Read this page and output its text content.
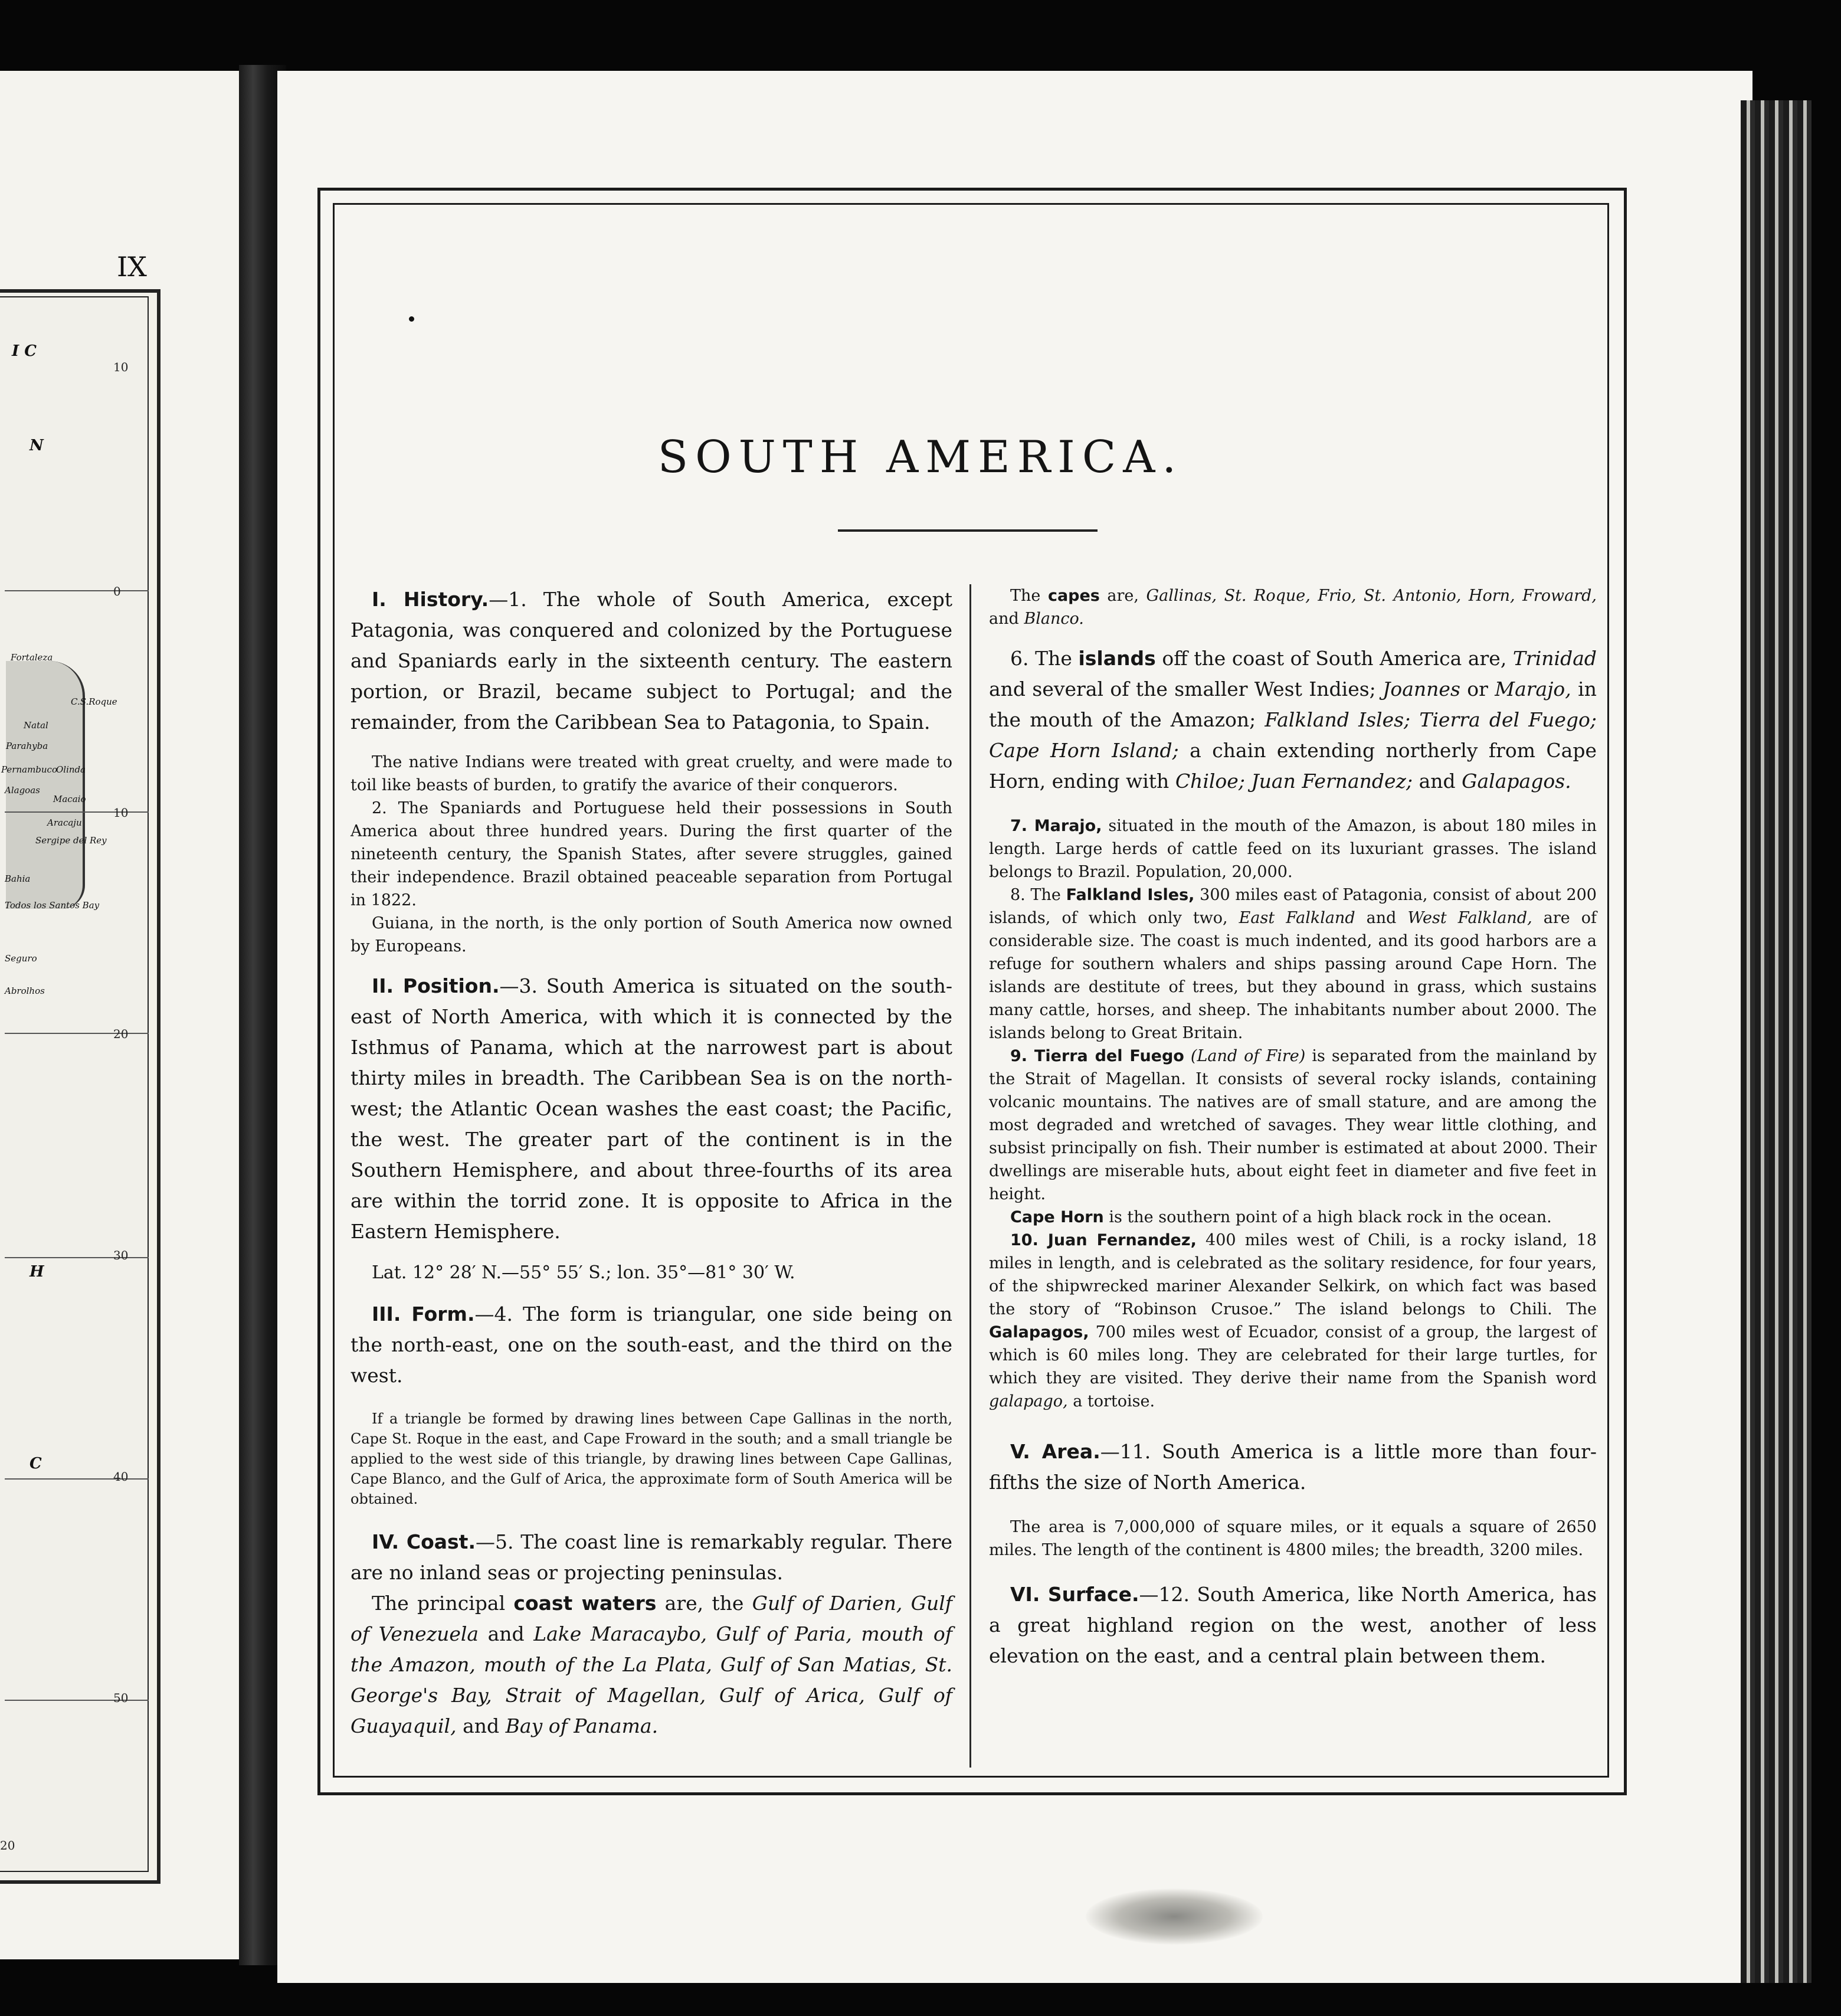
IX
I C
N
H
C
10
0
10
20
30
40
50
20
Fortaleza
C.S.Roque
Natal
Parahyba
Pernambuco
Olinda
Alagoas
Macaio
Aracaju
Sergipe del Rey
Bahia
Todos los Santos Bay
Seguro
Abrolhos
SOUTH AMERICA.

I. History.—1. The whole of South America, except Patagonia, was conquered and colonized by the Portuguese and Spaniards early in the sixteenth century. The eastern portion, or Brazil, became subject to Portugal; and the remainder, from the Caribbean Sea to Patagonia, to Spain.

The native Indians were treated with great cruelty, and were made to toil like beasts of burden, to gratify the avarice of their conquerors.

2. The Spaniards and Portuguese held their possessions in South America about three hundred years. During the first quarter of the nineteenth century, the Spanish States, after severe struggles, gained their independence. Brazil obtained peaceable separation from Portugal in 1822.

Guiana, in the north, is the only portion of South America now owned by Europeans.

II. Position.—3. South America is situated on the south-east of North America, with which it is connected by the Isthmus of Panama, which at the narrowest part is about thirty miles in breadth. The Caribbean Sea is on the north-west; the Atlantic Ocean washes the east coast; the Pacific, the west. The greater part of the continent is in the Southern Hemisphere, and about three-fourths of its area are within the torrid zone. It is opposite to Africa in the Eastern Hemisphere.

Lat. 12° 28′ N.—55° 55′ S.; lon. 35°—81° 30′ W.

III. Form.—4. The form is triangular, one side being on the north-east, one on the south-east, and the third on the west.

If a triangle be formed by drawing lines between Cape Gallinas in the north, Cape St. Roque in the east, and Cape Froward in the south; and a small triangle be applied to the west side of this triangle, by drawing lines between Cape Gallinas, Cape Blanco, and the Gulf of Arica, the approximate form of South America will be obtained.

IV. Coast.—5. The coast line is remarkably regular. There are no inland seas or projecting peninsulas.

The principal coast waters are, the Gulf of Darien, Gulf of Venezuela and Lake Maracaybo, Gulf of Paria, mouth of the Amazon, mouth of the La Plata, Gulf of San Matias, St. George's Bay, Strait of Magellan, Gulf of Arica, Gulf of Guayaquil, and Bay of Panama.

The capes are, Gallinas, St. Roque, Frio, St. Antonio, Horn, Froward, and Blanco.

6. The islands off the coast of South America are, Trinidad and several of the smaller West Indies; Joannes or Marajo, in the mouth of the Amazon; Falkland Isles; Tierra del Fuego; Cape Horn Island; a chain extending northerly from Cape Horn, ending with Chiloe; Juan Fernandez; and Galapagos.

7. Marajo, situated in the mouth of the Amazon, is about 180 miles in length. Large herds of cattle feed on its luxuriant grasses. The island belongs to Brazil. Population, 20,000.

8. The Falkland Isles, 300 miles east of Patagonia, consist of about 200 islands, of which only two, East Falkland and West Falkland, are of considerable size. The coast is much indented, and its good harbors are a refuge for southern whalers and ships passing around Cape Horn. The islands are destitute of trees, but they abound in grass, which sustains many cattle, horses, and sheep. The inhabitants number about 2000. The islands belong to Great Britain.

9. Tierra del Fuego (Land of Fire) is separated from the mainland by the Strait of Magellan. It consists of several rocky islands, containing volcanic mountains. The natives are of small stature, and are among the most degraded and wretched of savages. They wear little clothing, and subsist principally on fish. Their number is estimated at about 2000. Their dwellings are miserable huts, about eight feet in diameter and five feet in height.

Cape Horn is the southern point of a high black rock in the ocean.

10. Juan Fernandez, 400 miles west of Chili, is a rocky island, 18 miles in length, and is celebrated as the solitary residence, for four years, of the shipwrecked mariner Alexander Selkirk, on which fact was based the story of “Robinson Crusoe.” The island belongs to Chili. The Galapagos, 700 miles west of Ecuador, consist of a group, the largest of which is 60 miles long. They are celebrated for their large turtles, for which they are visited. They derive their name from the Spanish word galapago, a tortoise.

V. Area.—11. South America is a little more than four-fifths the size of North America.

The area is 7,000,000 of square miles, or it equals a square of 2650 miles. The length of the continent is 4800 miles; the breadth, 3200 miles.

VI. Surface.—12. South America, like North America, has a great highland region on the west, another of less elevation on the east, and a central plain between them.
